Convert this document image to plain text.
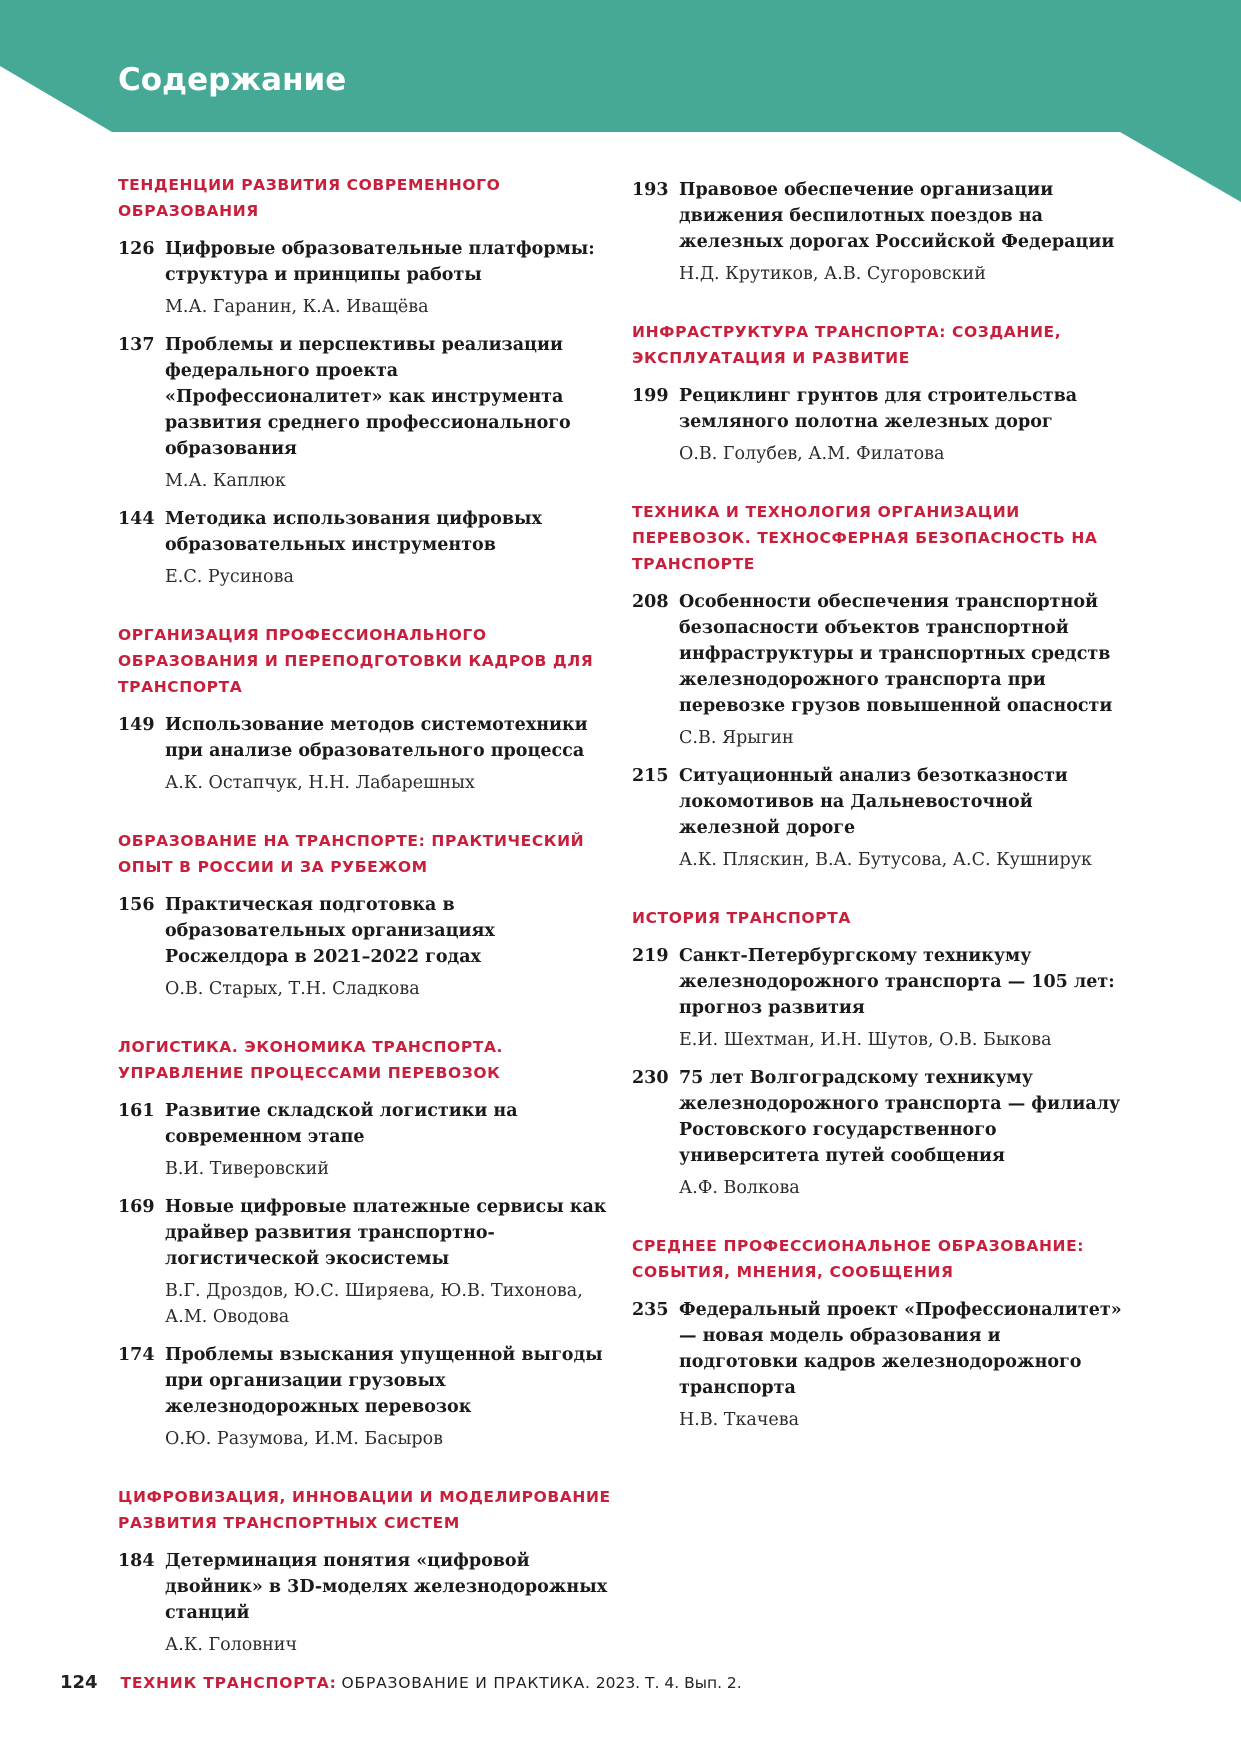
Содержание
ТЕНДЕНЦИИ РАЗВИТИЯ СОВРЕМЕННОГО ОБРАЗОВАНИЯ
126 Цифровые образовательные платформы: структура и принципы работы
М.А. Гаранин, К.А. Ивaщёва
137 Проблемы и перспективы реализации федерального проекта «Профессионалитет» как инструмента развития среднего профессионального образования
М.А. Каплюк
144 Методика использования цифровых образовательных инструментов
Е.С. Русинова
ОРГАНИЗАЦИЯ ПРОФЕССИОНАЛЬНОГО ОБРАЗОВАНИЯ И ПЕРЕПОДГОТОВКИ КАДРОВ ДЛЯ ТРАНСПОРТА
149 Использование методов системотехники при анализе образовательного процесса
А.К. Остапчук, Н.Н. Лабарешных
ОБРАЗОВАНИЕ НА ТРАНСПОРТЕ: ПРАКТИЧЕСКИЙ ОПЫТ В РОССИИ И ЗА РУБЕЖОМ
156 Практическая подготовка в образовательных организациях Росжелдора в 2021–2022 годах
О.В. Старых, Т.Н. Сладкова
ЛОГИСТИКА. ЭКОНОМИКА ТРАНСПОРТА. УПРАВЛЕНИЕ ПРОЦЕССАМИ ПЕРЕВОЗОК
161 Развитие складской логистики на современном этапе
В.И. Тиверовский
169 Новые цифровые платежные сервисы как драйвер развития транспортно-логистической экосистемы
В.Г. Дроздов, Ю.С. Ширяева, Ю.В. Тихонова, А.М. Оводова
174 Проблемы взыскания упущенной выгоды при организации грузовых железнодорожных перевозок
О.Ю. Разумова, И.М. Басыров
ЦИФРОВИЗАЦИЯ, ИННОВАЦИИ И МОДЕЛИРОВАНИЕ РАЗВИТИЯ ТРАНСПОРТНЫХ СИСТЕМ
184 Детерминация понятия «цифровой двойник» в 3D-моделях железнодорожных станций
А.К. Головнич
193 Правовое обеспечение организации движения беспилотных поездов на железных дорогах Российской Федерации
Н.Д. Крутиков, А.В. Сугоровский
ИНФРАСТРУКТУРА ТРАНСПОРТА: СОЗДАНИЕ, ЭКСПЛУАТАЦИЯ И РАЗВИТИЕ
199 Рециклинг грунтов для строительства земляного полотна железных дорог
О.В. Голубев, А.М. Филатова
ТЕХНИКА И ТЕХНОЛОГИЯ ОРГАНИЗАЦИИ ПЕРЕВОЗОК. ТЕХНОСФЕРНАЯ БЕЗОПАСНОСТЬ НА ТРАНСПОРТЕ
208 Особенности обеспечения транспортной безопасности объектов транспортной инфраструктуры и транспортных средств железнодорожного транспорта при перевозке грузов повышенной опасности
С.В. Ярыгин
215 Ситуационный анализ безотказности локомотивов на Дальневосточной железной дороге
А.К. Пляскин, В.А. Бутусова, А.С. Кушнирук
ИСТОРИЯ ТРАНСПОРТА
219 Санкт-Петербургскому техникуму железнодорожного транспорта — 105 лет: прогноз развития
Е.И. Шехтман, И.Н. Шутов, О.В. Быкова
230 75 лет Волгоградскому техникуму железнодорожного транспорта — филиалу Ростовского государственного университета путей сообщения
А.Ф. Волкова
СРЕДНЕЕ ПРОФЕССИОНАЛЬНОЕ ОБРАЗОВАНИЕ: СОБЫТИЯ, МНЕНИЯ, СООБЩЕНИЯ
235 Федеральный проект «Профессионалитет» — новая модель образования и подготовки кадров железнодорожного транспорта
Н.В. Ткачева
124 ТЕХНИК ТРАНСПОРТА: ОБРАЗОВАНИЕ И ПРАКТИКА. 2023. Т. 4. Вып. 2.
